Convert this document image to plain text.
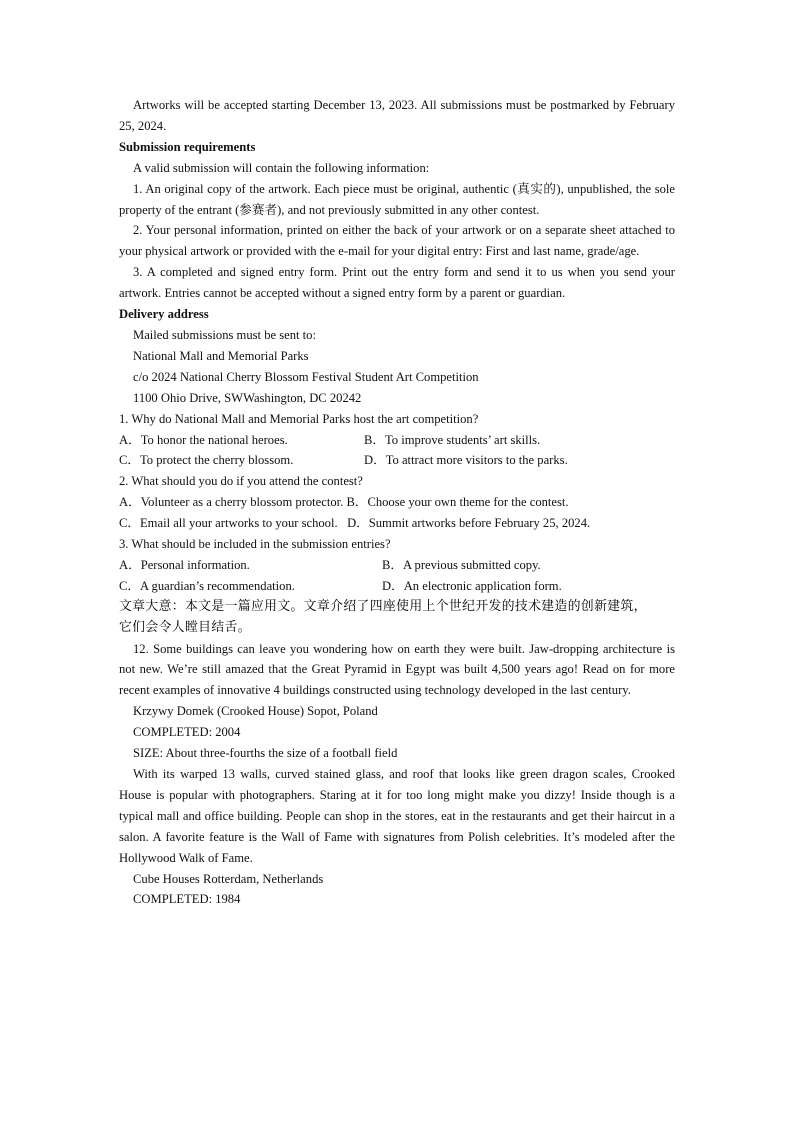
Artworks will be accepted starting December 13, 2023. All submissions must be postmarked by February 25, 2024.

Submission requirements

A valid submission will contain the following information:

1. An original copy of the artwork. Each piece must be original, authentic (真实的), unpublished, the sole property of the entrant (参赛者), and not previously submitted in any other contest.

2. Your personal information, printed on either the back of your artwork or on a separate sheet attached to your physical artwork or provided with the e-mail for your digital entry: First and last name, grade/age.

3. A completed and signed entry form. Print out the entry form and send it to us when you send your artwork. Entries cannot be accepted without a signed entry form by a parent or guardian.

Delivery address

Mailed submissions must be sent to:

National Mall and Memorial Parks

c/o 2024 National Cherry Blossom Festival Student Art Competition

1100 Ohio Drive, SWWashington, DC 20242

1. Why do National Mall and Memorial Parks host the art competition?

A．To honor the national heroes.	B．To improve students’ art skills.
C．To protect the cherry blossom.	D．To attract more visitors to the parks.

2. What should you do if you attend the contest?

A．Volunteer as a cherry blossom protector. B．Choose your own theme for the contest.

C．Email all your artworks to your school. D．Summit artworks before February 25, 2024.

3. What should be included in the submission entries?

A．Personal information.	B．A previous submitted copy.
C．A guardian’s recommendation.	D．An electronic application form.

文章大意：本文是一篇应用文。文章介绍了四座使用上个世纪开发的技术建造的创新建筑，

它们会令人瞠目结舌。

12. Some buildings can leave you wondering how on earth they were built. Jaw-dropping architecture is not new. We’re still amazed that the Great Pyramid in Egypt was built 4,500 years ago! Read on for more recent examples of innovative 4 buildings constructed using technology developed in the last century.

Krzywy Domek (Crooked House) Sopot, Poland

COMPLETED: 2004

SIZE: About three-fourths the size of a football field

With its warped 13 walls, curved stained glass, and roof that looks like green dragon scales, Crooked House is popular with photographers. Staring at it for too long might make you dizzy! Inside though is a typical mall and office building. People can shop in the stores, eat in the restaurants and get their haircut in a salon. A favorite feature is the Wall of Fame with signatures from Polish celebrities. It’s modeled after the Hollywood Walk of Fame.

Cube Houses Rotterdam, Netherlands

COMPLETED: 1984
